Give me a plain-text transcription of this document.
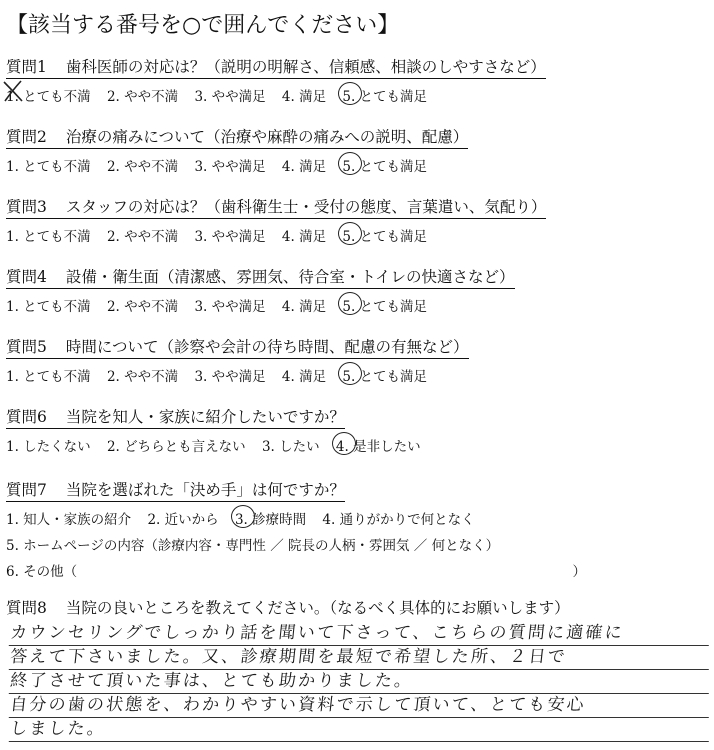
【該当する番号を○で囲んでください】
質問1 歯科医師の対応は？（説明の明解さ、信頼感、相談のしやすさなど）
1. とても不満 2. やや不満 3. やや満足 4. 満足 5. とても満足
質問2 治療の痛みについて（治療や麻酔の痛みへの説明、配慮）
1. とても不満 2. やや不満 3. やや満足 4. 満足 5. とても満足
質問3 スタッフの対応は？（歯科衛生士・受付の態度、言葉遣い、気配り）
1. とても不満 2. やや不満 3. やや満足 4. 満足 5. とても満足
質問4 設備・衛生面（清潔感、雰囲気、待合室・トイレの快適さなど）
1. とても不満 2. やや不満 3. やや満足 4. 満足 5. とても満足
質問5 時間について（診察や会計の待ち時間、配慮の有無など）
1. とても不満 2. やや不満 3. やや満足 4. 満足 5. とても満足
質問6 当院を知人・家族に紹介したいですか？
1. したくない 2. どちらとも言えない 3. したい 4. 是非したい
質問7 当院を選ばれた「決め手」は何ですか？
1. 知人・家族の紹介 2. 近いから 3. 診療時間 4. 通りがかりで何となく
5. ホームページの内容（診療内容・専門性 ／ 院長の人柄・雰囲気 ／ 何となく）
6. その他（	）
質問8 当院の良いところを教えてください。（なるべく具体的にお願いします）
カウンセリングでしっかり話を聞いて下さって、こちらの質問に適確に
答えて下さいました。又、診療期間を最短で希望した所、２日で
終了させて頂いた事は、とても助かりました。
自分の歯の状態を、わかりやすい資料で示して頂いて、とても安心
しました。
